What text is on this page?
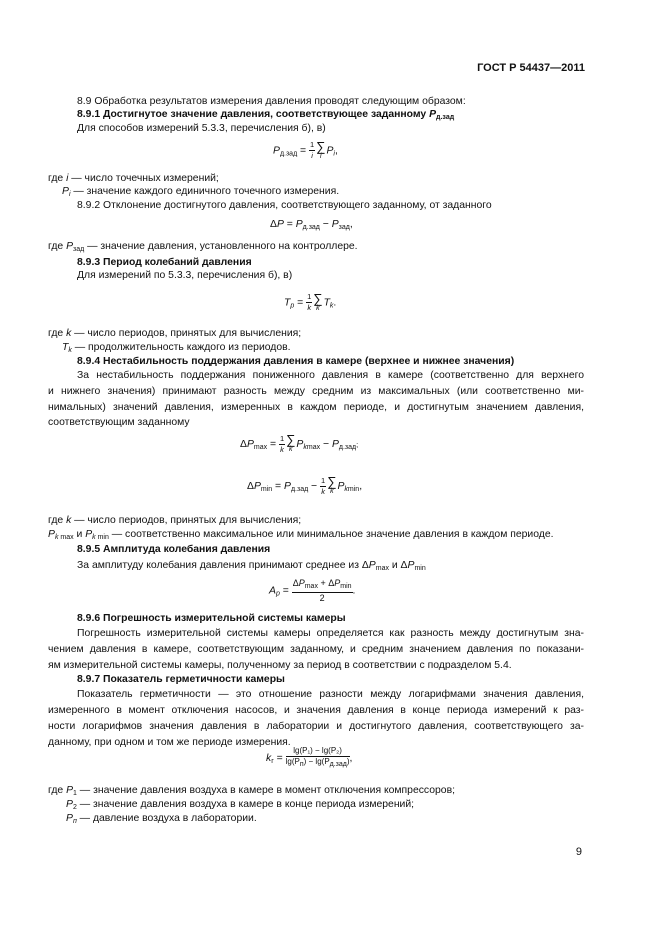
ГОСТ Р 54437—2011
8.9 Обработка результатов измерения давления проводят следующим образом:
8.9.1 Достигнутое значение давления, соответствующее заданному $P_{д.зад}$
Для способов измерений 5.3.3, перечисления б), в)
$P_{д.зад} = \frac{1}{i}$ ∑
i Pi,
где i — число точечных измерений;
Pi — значение каждого единичного точечного измерения.
8.9.2 Отклонение достигнутого давления, соответствующего заданному, от заданного
$\Delta P = P_{д.зад} - P_{зад}$,
где $P_{зад}$ — значение давления, установленного на контроллере.
8.9.3 Период колебаний давления
Для измерений по 5.3.3, перечисления б), в)
$Tp = \frac{1}{k}$ ∑
k Tk.
где k — число периодов, принятых для вычисления;
Tk — продолжительность каждого из периодов.
8.9.4 Нестабильность поддержания давления в камере (верхнее и нижнее значения)
За нестабильность поддержания пониженного давления в камере (соответственно для верхнего
и нижнего значения) принимают разность между средним из максимальных (или соответственно ми-
нимальных) значений давления, измеренных в каждом периоде, и достигнутым значением давления,
соответствующим заданному
$\Delta P_{max} = \frac{1}{k}$ ∑
k $Pk_{max} - P_{д.зад}$;
$\Delta P_{min} = P_{д.зад} - \frac{1}{k}$ ∑
k $Pk_{min}$,
где k — число периодов, принятых для вычисления;
Pk $_{max}$ и Pk $_{min}$ — соответственно максимальное или минимальное значение давления в каждом периоде.
8.9.5 Амплитуда колебания давления
За амплитуду колебания давления принимают среднее из $\Delta P_{max}$ и $\Delta P_{min}$
$Ap = \frac{\Delta P_{max} + \Delta P_{min}}{2}$ .
8.9.6 Погрешность измерительной системы камеры
Погрешность измерительной системы камеры определяется как разность между достигнутым зна-
чением давления в камере, соответствующим заданному, и средним значением давления по показани-
ям измерительной системы камеры, полученному за период в соответствии с подразделом 5.4.
8.9.7 Показатель герметичности камеры
Показатель герметичности — это отношение разности между логарифмами значения давления,
измеренного в момент отключения насосов, и значения давления в конце периода измерений к раз-
ности логарифмов значения давления в лаборатории и достигнутого давления, соответствующего за-
данному, при одном и том же периоде измерения.
$k_г = \frac{\text{lg(P₁) − lg(P₂)}}{\text{lg(Pп) − lg(Pд.зад)}}$ ,
где $P_1$ — значение давления воздуха в камере в момент отключения компрессоров;
$P_2$ — значение давления воздуха в камере в конце периода измерений;
Pп — давление воздуха в лаборатории.
9
